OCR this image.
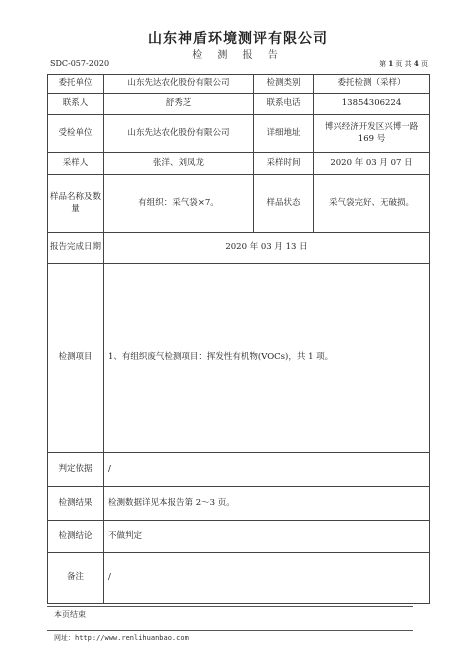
山东神盾环境测评有限公司
检 测 报 告
SDC-057-2020	第 1 页 共 4 页
委托单位	山东先达农化股份有限公司	检测类别	委托检测（采样）
联系人	舒秀芝	联系电话	13854306224
受检单位	山东先达农化股份有限公司	详细地址	博兴经济开发区兴博一路 169 号
采样人	张洋、刘凤龙	采样时间	2020 年 03 月 07 日
样品名称及数量	有组织：采气袋×7。	样品状态	采气袋完好、无破损。
报告完成日期	2020 年 03 月 13 日		
检测项目	1、有组织废气检测项目：挥发性有机物(VOCs)，共 1 项。		
判定依据	/		
检测结果	检测数据详见本报告第 2～3 页。		
检测结论	不做判定		
备注	/		
本页结束
网址：http://www.renlihuanbao.com
